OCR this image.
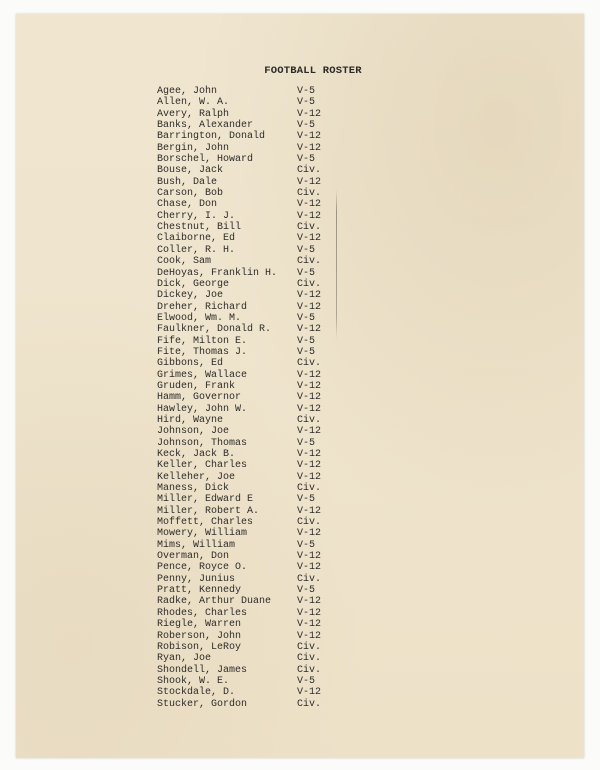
FOOTBALL ROSTER
Agee, John	V-5
Allen, W. A.	V-5
Avery, Ralph	V-12
Banks, Alexander	V-5
Barrington, Donald	V-12
Bergin, John	V-12
Borschel, Howard	V-5
Bouse, Jack	Civ.
Bush, Dale	V-12
Carson, Bob	Civ.
Chase, Don	V-12
Cherry, I. J.	V-12
Chestnut, Bill	Civ.
Claiborne, Ed	V-12
Coller, R. H.	V-5
Cook, Sam	Civ.
DeHoyas, Franklin H. V-5
Dick, George	Civ.
Dickey, Joe	V-12
Dreher, Richard	V-12
Elwood, Wm. M.	V-5
Faulkner, Donald R.	V-12
Fife, Milton E.	V-5
Fite, Thomas J.	V-5
Gibbons, Ed	Civ.
Grimes, Wallace	V-12
Gruden, Frank	V-12
Hamm, Governor	V-12
Hawley, John W.	V-12
Hird, Wayne	Civ.
Johnson, Joe	V-12
Johnson, Thomas	V-5
Keck, Jack B.	V-12
Keller, Charles	V-12
Kelleher, Joe	V-12
Maness, Dick	Civ.
Miller, Edward E	V-5
Miller, Robert A.	V-12
Moffett, Charles	Civ.
Mowery, William	V-12
Mims, William	V-5
Overman, Don	V-12
Pence, Royce O.	V-12
Penny, Junius	Civ.
Pratt, Kennedy	V-5
Radke, Arthur Duane	V-12
Rhodes, Charles	V-12
Riegle, Warren	V-12
Roberson, John	V-12
Robison, LeRoy	Civ.
Ryan, Joe	Civ.
Shondell, James	Civ.
Shook, W. E.	V-5
Stockdale, D.	V-12
Stucker, Gordon	Civ.
